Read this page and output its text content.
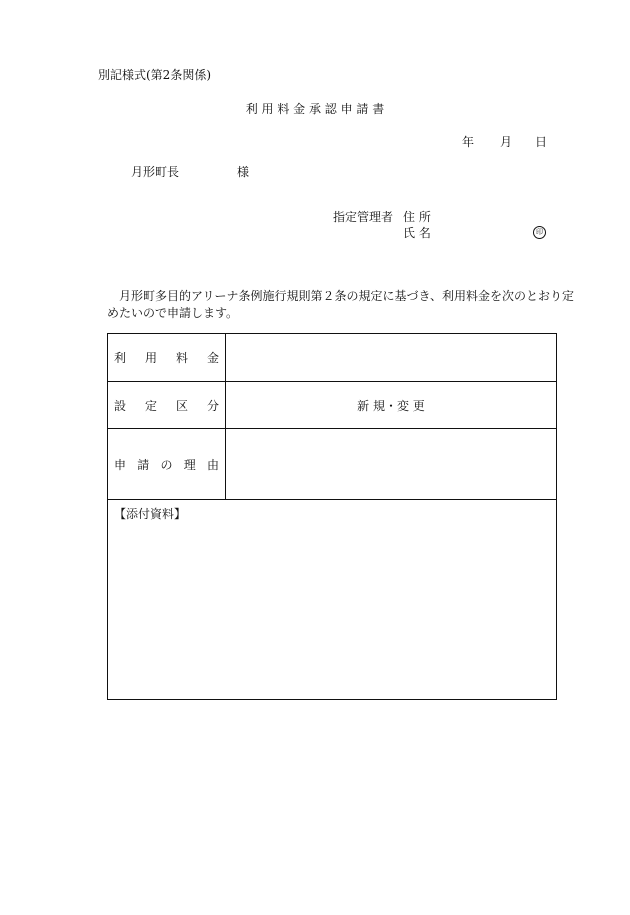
別記様式(第2条関係)
利 用 料 金 承 認 申 請 書
年 月 日
月形町長	様
指定管理者 住 所
氏 名	印
月形町多目的アリーナ条例施行規則第２条の規定に基づき、利用料金を次のとおり定めたいので申請します。
利 用 料 金
設 定 区 分	新 規・変 更
申 請 の 理 由
【添付資料】
